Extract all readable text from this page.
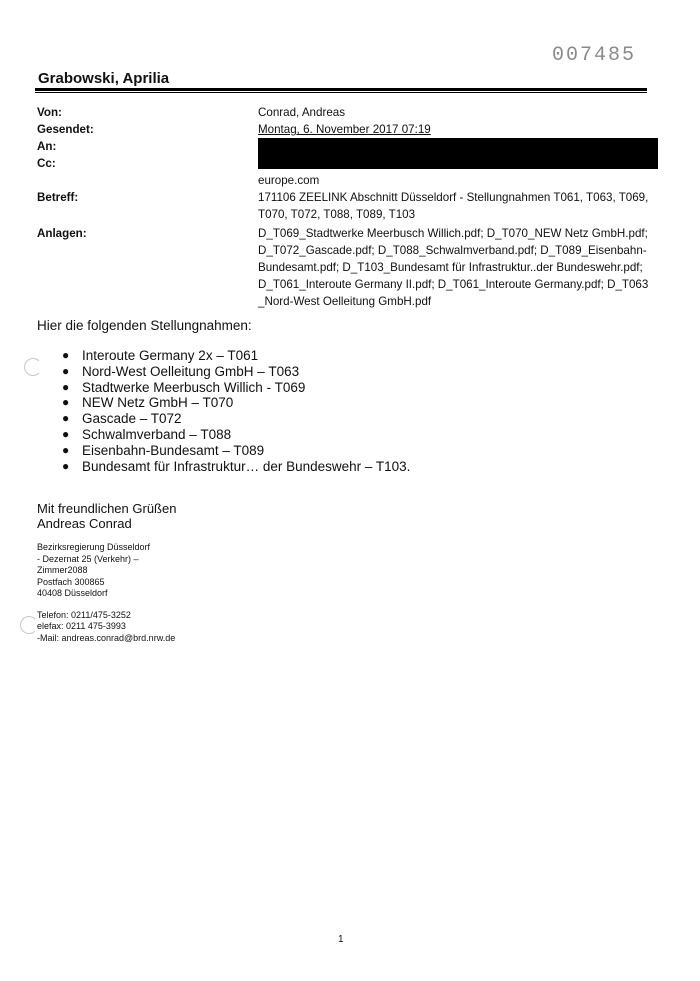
007485
Grabowski, Aprilia
Von:	Conrad, Andreas
Gesendet:	Montag, 6. November 2017 07:19
An:
Cc:
europe.com
Betreff:	171106 ZEELINK Abschnitt Düsseldorf - Stellungnahmen T061, T063, T069, T070, T072, T088, T089, T103
Anlagen:	D_T069_Stadtwerke Meerbusch Willich.pdf; D_T070_NEW Netz GmbH.pdf; D_T072_Gascade.pdf; D_T088_Schwalmverband.pdf; D_T089_Eisenbahn-Bundesamt.pdf; D_T103_Bundesamt für Infrastruktur..der Bundeswehr.pdf; D_T061_Interoute Germany II.pdf; D_T061_Interoute Germany.pdf; D_T063 _Nord-West Oelleitung GmbH.pdf
Hier die folgenden Stellungnahmen:
● Interoute Germany 2x – T061
● Nord-West Oelleitung GmbH – T063
● Stadtwerke Meerbusch Willich - T069
● NEW Netz GmbH – T070
● Gascade – T072
● Schwalmverband – T088
● Eisenbahn-Bundesamt – T089
● Bundesamt für Infrastruktur… der Bundeswehr – T103.
Mit freundlichen Grüßen
Andreas Conrad
Bezirksregierung Düsseldorf
- Dezernat 25 (Verkehr) –
Zimmer2088
Postfach 300865
40408 Düsseldorf
Telefon: 0211/475-3252
elefax: 0211 475-3993
-Mail: andreas.conrad@brd.nrw.de
1
